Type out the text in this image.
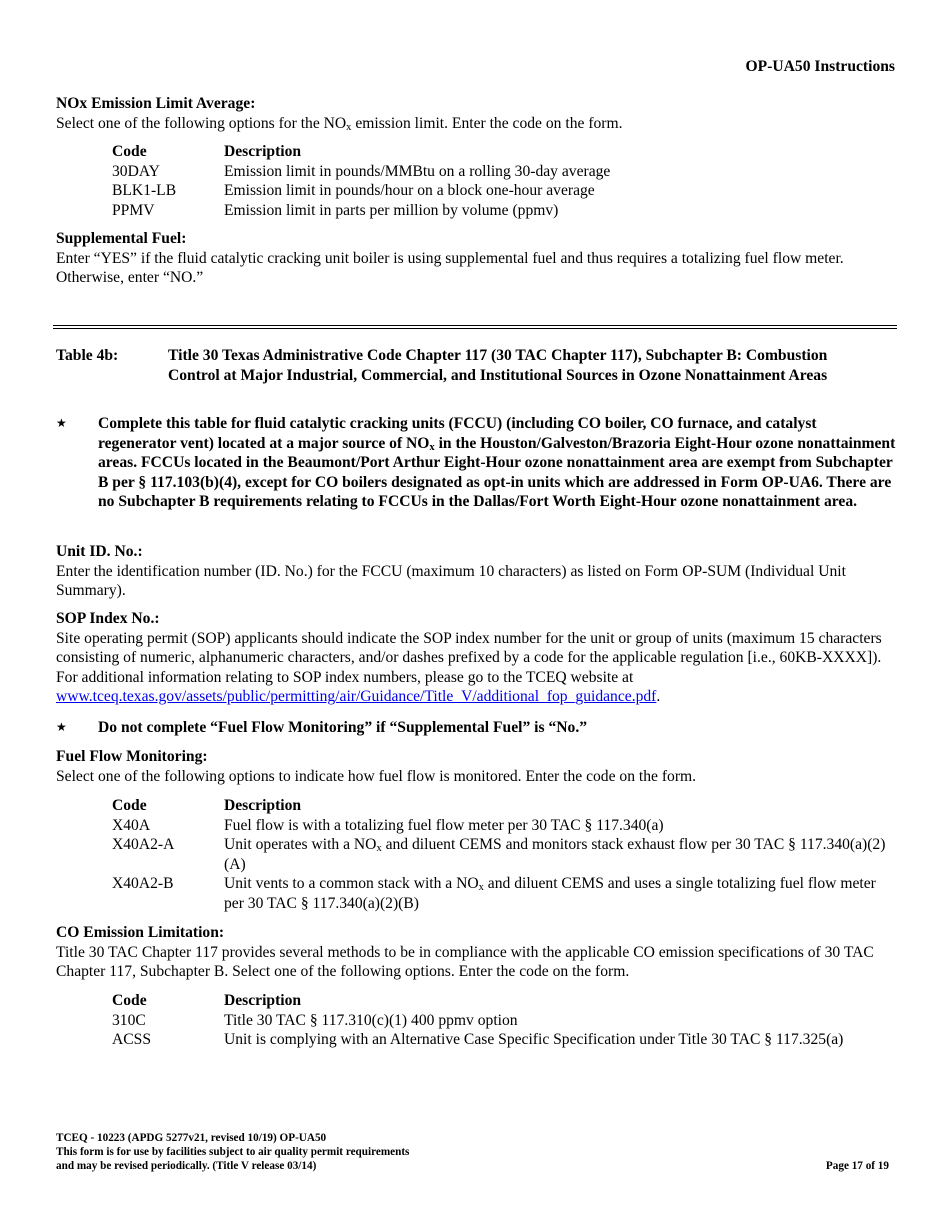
OP-UA50 Instructions

NOx Emission Limit Average:

Select one of the following options for the $NO_x$ emission limit. Enter the code on the form.

Code	Description
30DAY	Emission limit in pounds/MMBtu on a rolling 30-day average
BLK1-LB	Emission limit in pounds/hour on a block one-hour average
PPMV	Emission limit in parts per million by volume (ppmv)

Supplemental Fuel:

Enter “YES” if the fluid catalytic cracking unit boiler is using supplemental fuel and thus requires a totalizing fuel flow meter. Otherwise, enter “NO.”

Table 4b:	Title 30 Texas Administrative Code Chapter 117 (30 TAC Chapter 117), Subchapter B: Combustion Control at Major Industrial, Commercial, and Institutional Sources in Ozone Nonattainment Areas
★ Complete this table for fluid catalytic cracking units (FCCU) (including CO boiler, CO furnace, and catalyst regenerator vent) located at a major source of $NO_x$ in the Houston/Galveston/Brazoria Eight-Hour ozone nonattainment areas. FCCUs located in the Beaumont/Port Arthur Eight-Hour ozone nonattainment area are exempt from Subchapter B per § 117.103(b)(4), except for CO boilers designated as opt-in units which are addressed in Form OP-UA6. There are no Subchapter B requirements relating to FCCUs in the Dallas/Fort Worth Eight-Hour ozone nonattainment area.

Unit ID. No.:

Enter the identification number (ID. No.) for the FCCU (maximum 10 characters) as listed on Form OP-SUM (Individual Unit Summary).

SOP Index No.:

Site operating permit (SOP) applicants should indicate the SOP index number for the unit or group of units (maximum 15 characters consisting of numeric, alphanumeric characters, and/or dashes prefixed by a code for the applicable regulation [i.e., 60KB-XXXX]). For additional information relating to SOP index numbers, please go to the TCEQ website at www.tceq.texas.gov/assets/public/permitting/air/Guidance/Title_V/additional_fop_guidance.pdf.

★ Do not complete “Fuel Flow Monitoring” if “Supplemental Fuel” is “No.”

Fuel Flow Monitoring:

Select one of the following options to indicate how fuel flow is monitored. Enter the code on the form.

Code	Description
X40A	Fuel flow is with a totalizing fuel flow meter per 30 TAC § 117.340(a)
X40A2-A	Unit operates with a $NO_x$ and diluent CEMS and monitors stack exhaust flow per 30 TAC § 117.340(a)(2)(A)
X40A2-B	Unit vents to a common stack with a $NO_x$ and diluent CEMS and uses a single totalizing fuel flow meter per 30 TAC § 117.340(a)(2)(B)

CO Emission Limitation:

Title 30 TAC Chapter 117 provides several methods to be in compliance with the applicable CO emission specifications of 30 TAC Chapter 117, Subchapter B. Select one of the following options. Enter the code on the form.

Code	Description
310C	Title 30 TAC § 117.310(c)(1) 400 ppmv option
ACSS	Unit is complying with an Alternative Case Specific Specification under Title 30 TAC § 117.325(a)
TCEQ - 10223 (APDG 5277v21, revised 10/19) OP-UA50
This form is for use by facilities subject to air quality permit requirements
and may be revised periodically. (Title V release 03/14)	Page 17 of 19
